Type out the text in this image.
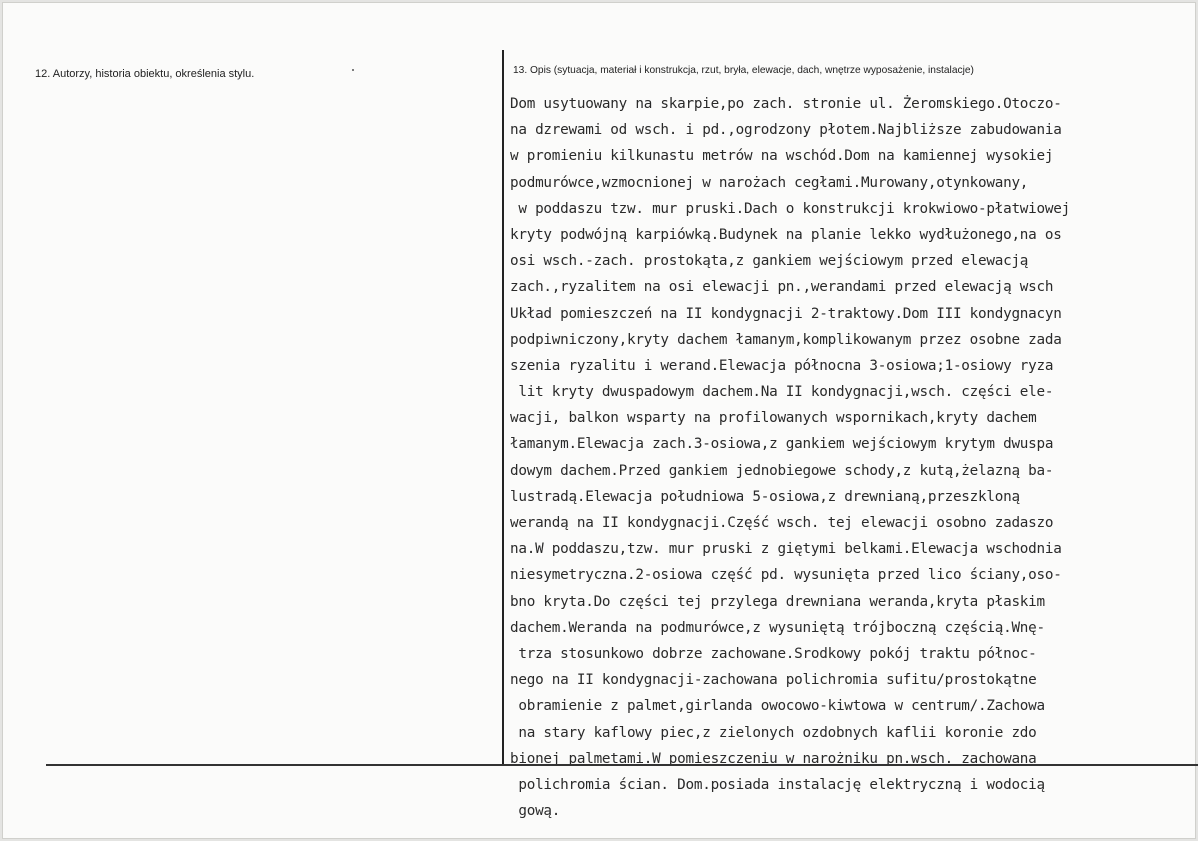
12. Autorzy, historia obiektu, określenia stylu.	13. Opis (sytuacja, materiał i konstrukcja, rzut, bryła, elewacje, dach, wnętrze wyposażenie, instalacje)
Dom usytuowany na skarpie,po zach. stronie ul. Żeromskiego.Otoczo-
na dzrewami od wsch. i pd.,ogrodzony płotem.Najbliższe zabudowania
w promieniu kilkunastu metrów na wschód.Dom na kamiennej wysokiej
podmurówce,wzmocnionej w narożach cegłami.Murowany,otynkowany,
w poddaszu tzw. mur pruski.Dach o konstrukcji krokwiowo-płatwiowej
kryty podwójną karpiówką.Budynek na planie lekko wydłużonego,na os
osi wsch.-zach. prostokąta,z gankiem wejściowym przed elewacją
zach.,ryzalitem na osi elewacji pn.,werandami przed elewacją wsch
Układ pomieszczeń na II kondygnacji 2-traktowy.Dom III kondygnacyn
podpiwniczony,kryty dachem łamanym,komplikowanym przez osobne zada
szenia ryzalitu i werand.Elewacja północna 3-osiowa;1-osiowy ryza
lit kryty dwuspadowym dachem.Na II kondygnacji,wsch. części ele-
wacji, balkon wsparty na profilowanych wspornikach,kryty dachem
łamanym.Elewacja zach.3-osiowa,z gankiem wejściowym krytym dwuspa
dowym dachem.Przed gankiem jednobiegowe schody,z kutą,żelazną ba-
lustradą.Elewacja południowa 5-osiowa,z drewnianą,przeszkloną
werandą na II kondygnacji.Część wsch. tej elewacji osobno zadaszo
na.W poddaszu,tzw. mur pruski z giętymi belkami.Elewacja wschodnia
niesymetryczna.2-osiowa część pd. wysunięta przed lico ściany,oso-
bno kryta.Do części tej przylega drewniana weranda,kryta płaskim
dachem.Weranda na podmurówce,z wysuniętą trójboczną częścią.Wnę-
trza stosunkowo dobrze zachowane.Srodkowy pokój traktu północ-
nego na II kondygnacji-zachowana polichromia sufitu/prostokątne
obramienie z palmet,girlanda owocowo-kiwtowa w centrum/.Zachowa
na stary kaflowy piec,z zielonych ozdobnych kaflii koronie zdo
bionej palmetami.W pomieszczeniu w narożniku pn.wsch. zachowana
polichromia ścian. Dom.posiada instalację elektryczną i wodocią
gową.
